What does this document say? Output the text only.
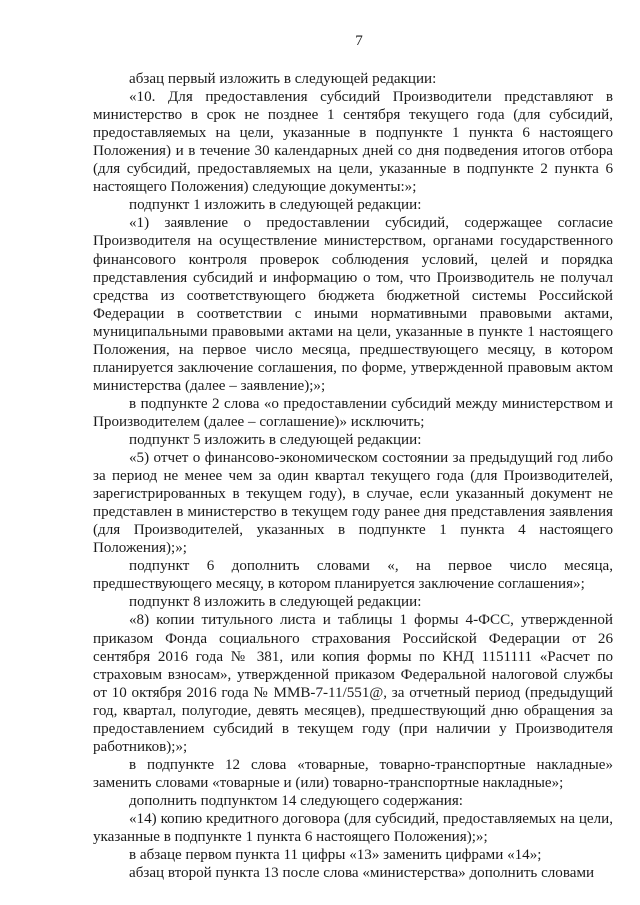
7

абзац первый изложить в следующей редакции:

«10. Для предоставления субсидий Производители представляют в министерство в срок не позднее 1 сентября текущего года (для субсидий, предоставляемых на цели, указанные в подпункте 1 пункта 6 настоящего Положения) и в течение 30 календарных дней со дня подведения итогов отбора (для субсидий, предоставляемых на цели, указанные в подпункте 2 пункта 6 настоящего Положения) следующие документы:»;

подпункт 1 изложить в следующей редакции:

«1) заявление о предоставлении субсидий, содержащее согласие Производителя на осуществление министерством, органами государственного финансового контроля проверок соблюдения условий, целей и порядка представления субсидий и информацию о том, что Производитель не получал средства из соответствующего бюджета бюджетной системы Российской Федерации в соответствии с иными нормативными правовыми актами, муниципальными правовыми актами на цели, указанные в пункте 1 настоящего Положения, на первое число месяца, предшествующего месяцу, в котором планируется заключение соглашения, по форме, утвержденной правовым актом министерства (далее – заявление);»;

в подпункте 2 слова «о предоставлении субсидий между министерством и Производителем (далее – соглашение)» исключить;

подпункт 5 изложить в следующей редакции:

«5) отчет о финансово-экономическом состоянии за предыдущий год либо за период не менее чем за один квартал текущего года (для Производителей, зарегистрированных в текущем году), в случае, если указанный документ не представлен в министерство в текущем году ранее дня представления заявления (для Производителей, указанных в подпункте 1 пункта 4 настоящего Положения);»;

подпункт 6 дополнить словами «, на первое число месяца, предшествующего месяцу, в котором планируется заключение соглашения»;

подпункт 8 изложить в следующей редакции:

«8) копии титульного листа и таблицы 1 формы 4-ФСС, утвержденной приказом Фонда социального страхования Российской Федерации от 26 сентября 2016 года № 381, или копия формы по КНД 1151111 «Расчет по страховым взносам», утвержденной приказом Федеральной налоговой службы от 10 октября 2016 года № ММВ-7-11/551@, за отчетный период (предыдущий год, квартал, полугодие, девять месяцев), предшествующий дню обращения за предоставлением субсидий в текущем году (при наличии у Производителя работников);»;

в подпункте 12 слова «товарные, товарно-транспортные накладные» заменить словами «товарные и (или) товарно-транспортные накладные»;

дополнить подпунктом 14 следующего содержания:

«14) копию кредитного договора (для субсидий, предоставляемых на цели, указанные в подпункте 1 пункта 6 настоящего Положения);»;

в абзаце первом пункта 11 цифры «13» заменить цифрами «14»;

абзац второй пункта 13 после слова «министерства» дополнить словами
